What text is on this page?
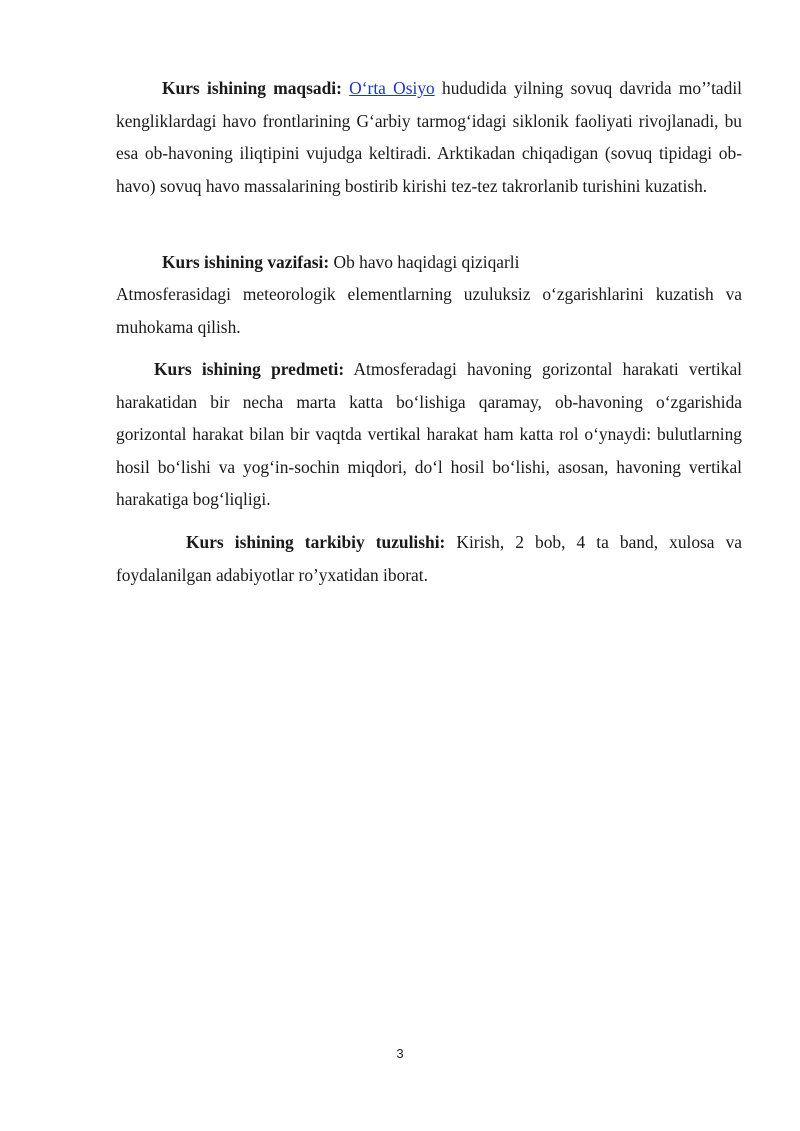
Kurs ishining maqsadi: O‘rta Osiyo hududida yilning sovuq davrida mo’’tadil kengliklardagi havo frontlarining G‘arbiy tarmog‘idagi siklonik faoliyati rivojlanadi, bu esa ob-havoning iliqtipini vujudga keltiradi. Arktikadan chiqadigan (sovuq tipidagi ob-havo) sovuq havo massalarining bostirib kirishi tez-tez takrorlanib turishini kuzatish.

Kurs ishining vazifasi: Ob havo haqidagi qiziqarli

Atmosferasidagi meteorologik elementlarning uzuluksiz o‘zgarishlarini kuzatish va muhokama qilish.

Kurs ishining predmeti: Atmosferadagi havoning gorizontal harakati vertikal harakatidan bir necha marta katta bo‘lishiga qaramay, ob-havoning o‘zgarishida gorizontal harakat bilan bir vaqtda vertikal harakat ham katta rol o‘ynaydi: bulutlarning hosil bo‘lishi va yog‘in-sochin miqdori, do‘l hosil bo‘lishi, asosan, havoning vertikal harakatiga bog‘liqligi.

Kurs ishining tarkibiy tuzulishi: Kirish, 2 bob, 4 ta band, xulosa va foydalanilgan adabiyotlar ro’yxatidan iborat.

3
